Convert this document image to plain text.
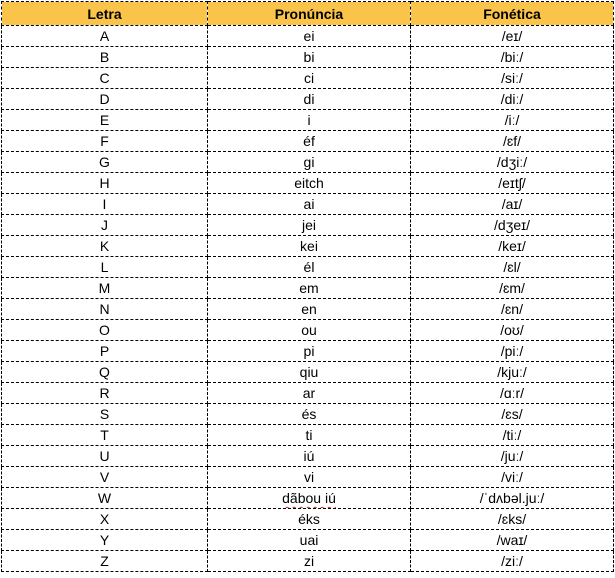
Letra	Pronúncia	Fonética
A	ei	/eɪ/
B	bi	/biː/
C	ci	/siː/
D	di	/diː/
E	i	/iː/
F	éf	/ɛf/
G	gi	/dʒiː/
H	eitch	/eɪtʃ/
I	ai	/aɪ/
J	jei	/dʒeɪ/
K	kei	/keɪ/
L	él	/ɛl/
M	em	/ɛm/
N	en	/ɛn/
O	ou	/oʊ/
P	pi	/piː/
Q	qiu	/kjuː/
R	ar	/ɑːr/
S	és	/ɛs/
T	ti	/tiː/
U	iú	/juː/
V	vi	/viː/
W	dãbou iú	/ˈdʌbəl.juː/
X	éks	/ɛks/
Y	uai	/waɪ/
Z	zi	/ziː/
